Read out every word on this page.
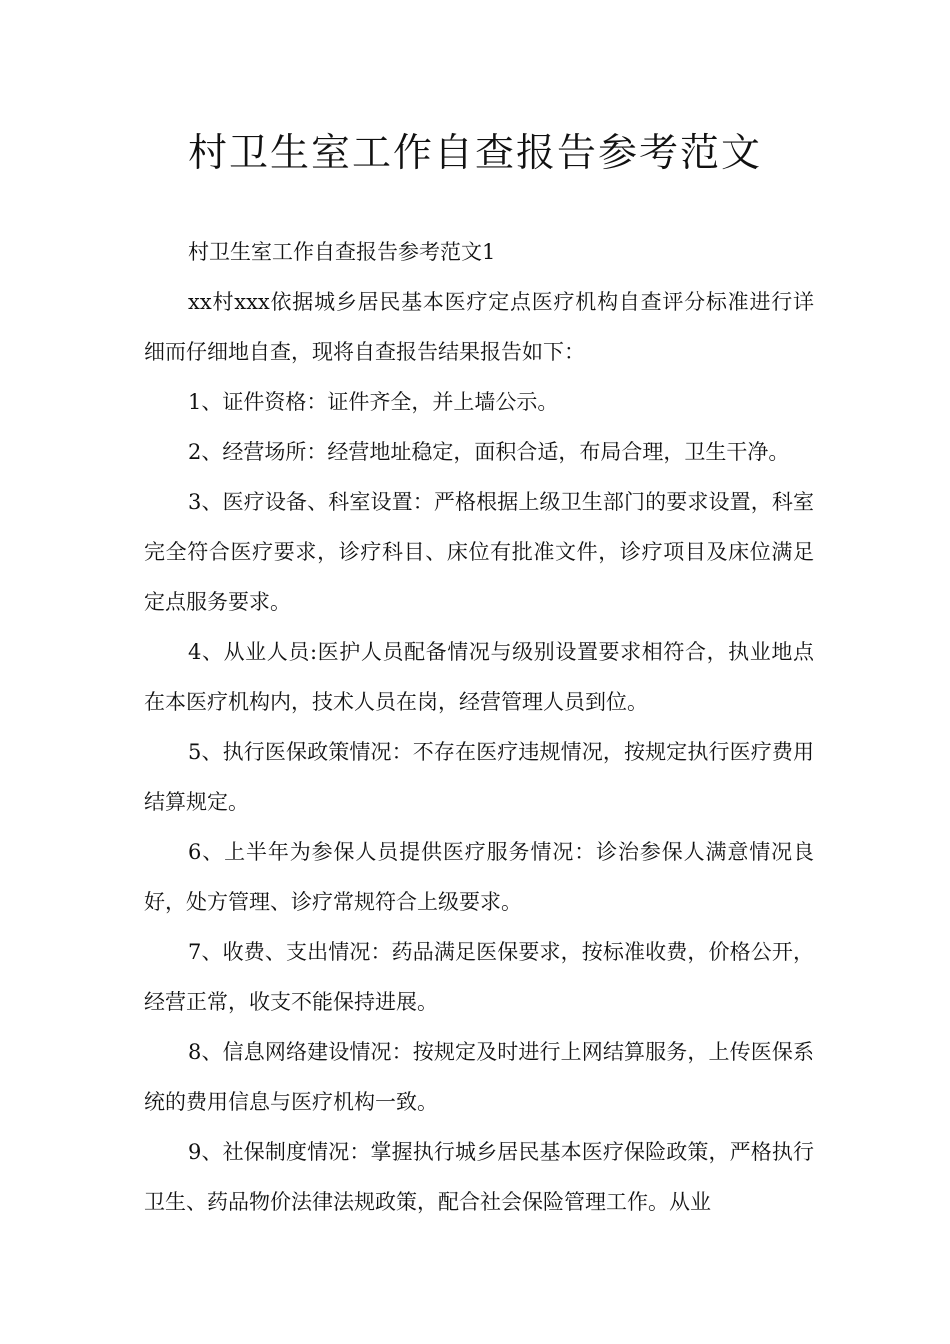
村卫生室工作自查报告参考范文

村卫生室工作自查报告参考范文1

xx村xxx依据城乡居民基本医疗定点医疗机构自查评分标准进行详细而仔细地自查，现将自查报告结果报告如下：

1、证件资格：证件齐全，并上墙公示。

2、经营场所：经营地址稳定，面积合适，布局合理，卫生干净。

3、医疗设备、科室设置：严格根据上级卫生部门的要求设置，科室完全符合医疗要求，诊疗科目、床位有批准文件，诊疗项目及床位满足定点服务要求。

4、从业人员:医护人员配备情况与级别设置要求相符合，执业地点在本医疗机构内，技术人员在岗，经营管理人员到位。

5、执行医保政策情况：不存在医疗违规情况，按规定执行医疗费用结算规定。

6、上半年为参保人员提供医疗服务情况：诊治参保人满意情况良好，处方管理、诊疗常规符合上级要求。

7、收费、支出情况：药品满足医保要求，按标准收费，价格公开，经营正常，收支不能保持进展。

8、信息网络建设情况：按规定及时进行上网结算服务，上传医保系统的费用信息与医疗机构一致。

9、社保制度情况：掌握执行城乡居民基本医疗保险政策，严格执行卫生、药品物价法律法规政策，配合社会保险管理工作。从业
